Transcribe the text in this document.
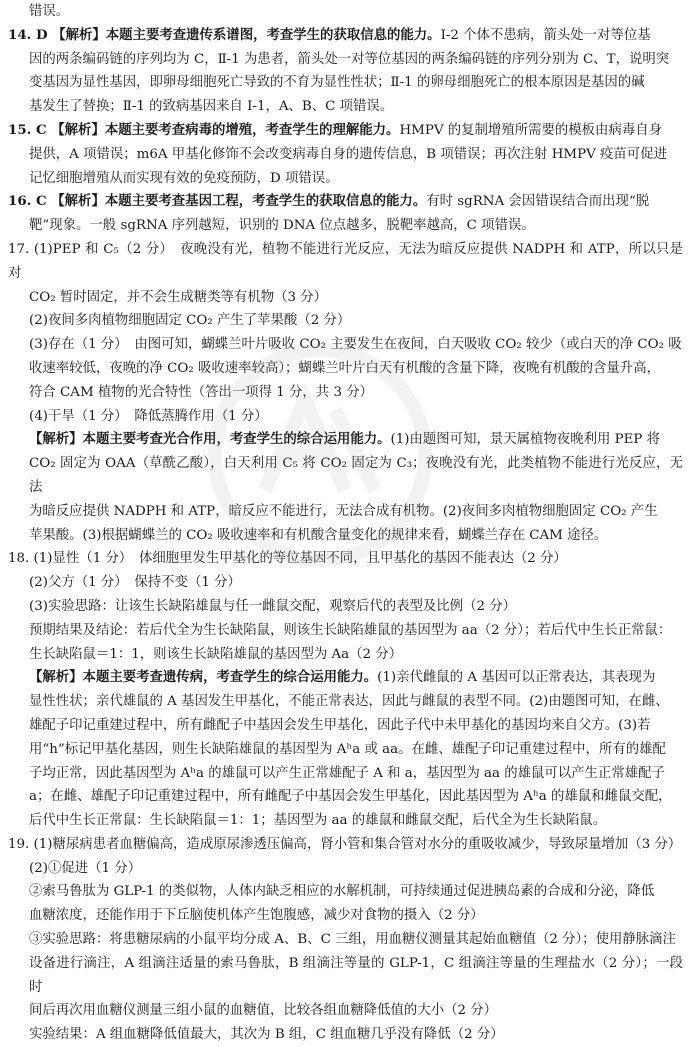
错误。
14. D 【解析】本题主要考查遗传系谱图，考查学生的获取信息的能力。Ⅰ-2 个体不患病，箭头处一对等位基
因的两条编码链的序列均为 C，Ⅱ-1 为患者，箭头处一对等位基因的两条编码链的序列分别为 C、T，说明突
变基因为显性基因，即卵母细胞死亡导致的不育为显性性状；Ⅱ-1 的卵母细胞死亡的根本原因是基因的碱
基发生了替换；Ⅱ-1 的致病基因来自 Ⅰ-1，A、B、C 项错误。
15. C 【解析】本题主要考查病毒的增殖，考查学生的理解能力。HMPV 的复制增殖所需要的模板由病毒自身
提供，A 项错误；m6A 甲基化修饰不会改变病毒自身的遗传信息，B 项错误；再次注射 HMPV 疫苗可促进
记忆细胞增殖从而实现有效的免疫预防，D 项错误。
16. C 【解析】本题主要考查基因工程，考查学生的获取信息的能力。有时 sgRNA 会因错误结合而出现“脱
靶”现象。一般 sgRNA 序列越短，识别的 DNA 位点越多，脱靶率越高，C 项错误。
17. (1)PEP 和 C₅（2 分）　夜晚没有光，植物不能进行光反应，无法为暗反应提供 NADPH 和 ATP，所以只是对
CO₂ 暂时固定，并不会生成糖类等有机物（3 分）
(2)夜间多肉植物细胞固定 CO₂ 产生了苹果酸（2 分）
(3)存在（1 分）　由图可知，蝴蝶兰叶片吸收 CO₂ 主要发生在夜间，白天吸收 CO₂ 较少（或白天的净 CO₂ 吸
收速率较低，夜晚的净 CO₂ 吸收速率较高）；蝴蝶兰叶片白天有机酸的含量下降，夜晚有机酸的含量升高，
符合 CAM 植物的光合特性（答出一项得 1 分，共 3 分）
(4)干旱（1 分）　降低蒸腾作用（1 分）
【解析】本题主要考查光合作用，考查学生的综合运用能力。(1)由题图可知，景天属植物夜晚利用 PEP 将
CO₂ 固定为 OAA（草酰乙酸），白天利用 C₅ 将 CO₂ 固定为 C₃；夜晚没有光，此类植物不能进行光反应，无法
为暗反应提供 NADPH 和 ATP，暗反应不能进行，无法合成有机物。(2)夜间多肉植物细胞固定 CO₂ 产生
苹果酸。(3)根据蝴蝶兰的 CO₂ 吸收速率和有机酸含量变化的规律来看，蝴蝶兰存在 CAM 途径。
18. (1)显性（1 分）　体细胞里发生甲基化的等位基因不同，且甲基化的基因不能表达（2 分）
(2)父方（1 分）　保持不变（1 分）
(3)实验思路：让该生长缺陷雄鼠与任一雌鼠交配，观察后代的表型及比例（2 分）
预期结果及结论：若后代全为生长缺陷鼠，则该生长缺陷雄鼠的基因型为 aa（2 分）；若后代中生长正常鼠：
生长缺陷鼠＝1：1，则该生长缺陷雄鼠的基因型为 Aa（2 分）
【解析】本题主要考查遗传病，考查学生的综合运用能力。(1)亲代雌鼠的 A 基因可以正常表达，其表现为
显性性状；亲代雄鼠的 A 基因发生甲基化，不能正常表达，因此与雌鼠的表型不同。(2)由题图可知，在雌、
雄配子印记重建过程中，所有雌配子中基因会发生甲基化，因此子代中未甲基化的基因均来自父方。(3)若
用“h”标记甲基化基因，则生长缺陷雄鼠的基因型为 Aʰa 或 aa。在雌、雄配子印记重建过程中，所有的雄配
子均正常，因此基因型为 Aʰa 的雄鼠可以产生正常雄配子 A 和 a，基因型为 aa 的雄鼠可以产生正常雄配子
a；在雌、雄配子印记重建过程中，所有雌配子中基因会发生甲基化，因此基因型为 Aʰa 的雄鼠和雌鼠交配，
后代中生长正常鼠：生长缺陷鼠＝1：1；基因型为 aa 的雄鼠和雌鼠交配，后代全为生长缺陷鼠。
19. (1)糖尿病患者血糖偏高，造成原尿渗透压偏高，肾小管和集合管对水分的重吸收减少，导致尿量增加（3 分）
(2)①促进（1 分）
②索马鲁肽为 GLP-1 的类似物，人体内缺乏相应的水解机制，可持续通过促进胰岛素的合成和分泌，降低
血糖浓度，还能作用于下丘脑使机体产生饱腹感，减少对食物的摄入（2 分）
③实验思路：将患糖尿病的小鼠平均分成 A、B、C 三组，用血糖仪测量其起始血糖值（2 分）；使用静脉滴注
设备进行滴注，A 组滴注适量的索马鲁肽，B 组滴注等量的 GLP-1，C 组滴注等量的生理盐水（2 分）；一段时
间后再次用血糖仪测量三组小鼠的血糖值，比较各组血糖降低值的大小（2 分）
实验结果：A 组血糖降低值最大，其次为 B 组，C 组血糖几乎没有降低（2 分）
